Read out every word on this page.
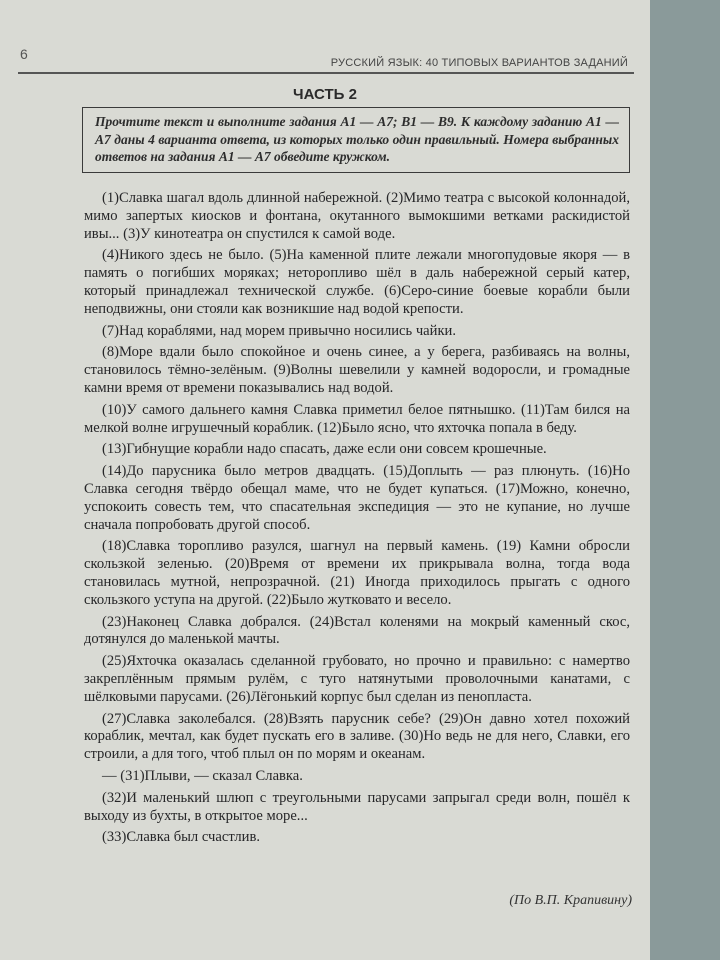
6
РУССКИЙ ЯЗЫК: 40 ТИПОВЫХ ВАРИАНТОВ ЗАДАНИЙ
ЧАСТЬ 2
Прочтите текст и выполните задания А1 — А7; В1 — В9. К каждому заданию А1 — А7 даны 4 варианта ответа, из которых только один правильный. Номера выбранных ответов на задания А1 — А7 обведите кружком.

(1)Славка шагал вдоль длинной набережной. (2)Мимо театра с высокой колоннадой, мимо запертых киосков и фонтана, окутанного вымокшими ветками раскидистой ивы... (3)У кинотеатра он спустился к самой воде.

(4)Никого здесь не было. (5)На каменной плите лежали многопудовые якоря — в память о погибших моряках; неторопливо шёл в даль набережной серый катер, который принадлежал технической службе. (6)Серо-синие боевые корабли были неподвижны, они стояли как возникшие над водой крепости.

(7)Над кораблями, над морем привычно носились чайки.

(8)Море вдали было спокойное и очень синее, а у берега, разбиваясь на волны, становилось тёмно-зелёным. (9)Волны шевелили у камней водоросли, и громадные камни время от времени показывались над водой.

(10)У самого дальнего камня Славка приметил белое пятнышко. (11)Там бился на мелкой волне игрушечный кораблик. (12)Было ясно, что яхточка попала в беду.

(13)Гибнущие корабли надо спасать, даже если они совсем крошечные.

(14)До парусника было метров двадцать. (15)Доплыть — раз плюнуть. (16)Но Славка сегодня твёрдо обещал маме, что не будет купаться. (17)Можно, конечно, успокоить совесть тем, что спасательная экспедиция — это не купание, но лучше сначала попробовать другой способ.

(18)Славка торопливо разулся, шагнул на первый камень. (19) Камни обросли скользкой зеленью. (20)Время от времени их прикрывала волна, тогда вода становилась мутной, непрозрачной. (21) Иногда приходилось прыгать с одного скользкого уступа на другой. (22)Было жутковато и весело.

(23)Наконец Славка добрался. (24)Встал коленями на мокрый каменный скос, дотянулся до маленькой мачты.

(25)Яхточка оказалась сделанной грубовато, но прочно и правильно: с намертво закреплённым прямым рулём, с туго натянутыми проволочными канатами, с шёлковыми парусами. (26)Лёгонький корпус был сделан из пенопласта.

(27)Славка заколебался. (28)Взять парусник себе? (29)Он давно хотел похожий кораблик, мечтал, как будет пускать его в заливе. (30)Но ведь не для него, Славки, его строили, а для того, чтоб плыл он по морям и океанам.

— (31)Плыви, — сказал Славка.

(32)И маленький шлюп с треугольными парусами запрыгал среди волн, пошёл к выходу из бухты, в открытое море...

(33)Славка был счастлив.

(По В.П. Крапивину)
